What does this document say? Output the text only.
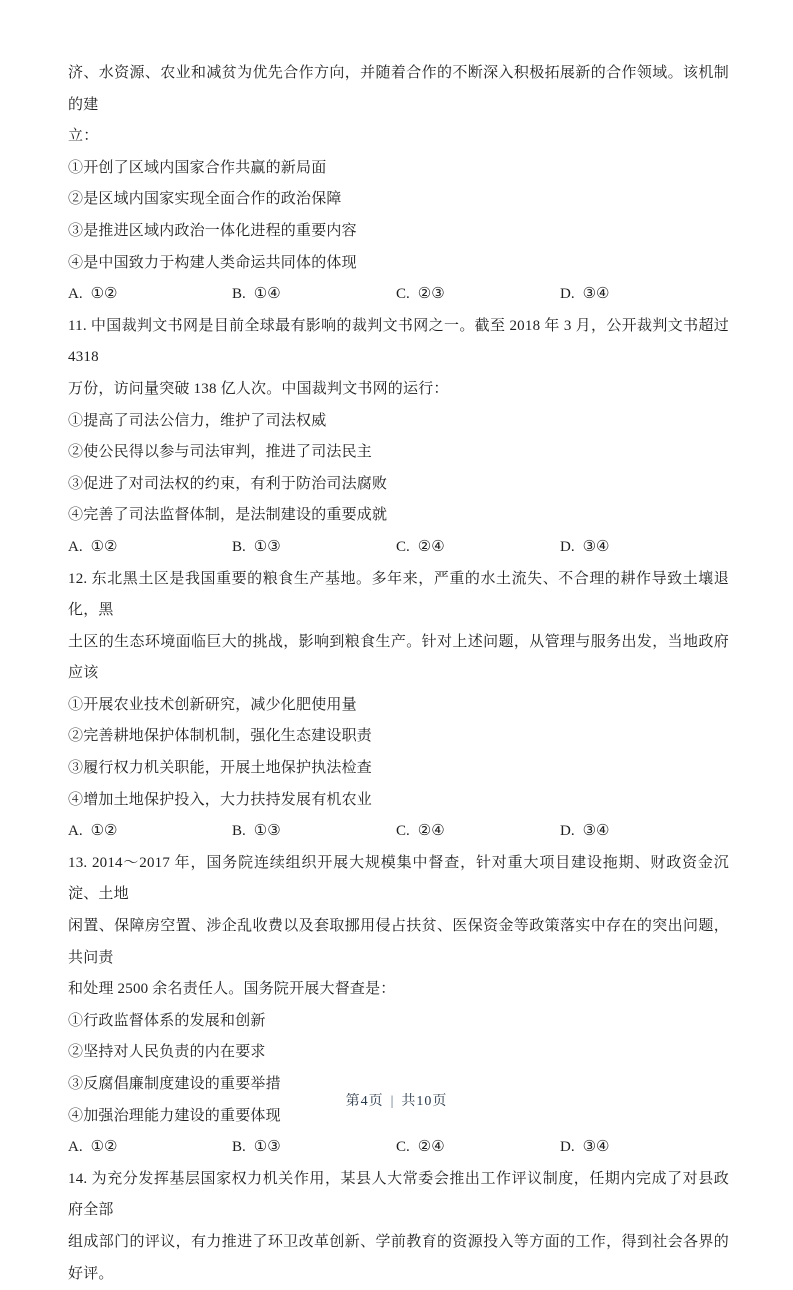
济、水资源、农业和减贫为优先合作方向，并随着合作的不断深入积极拓展新的合作领域。该机制的建
立：
①开创了区域内国家合作共赢的新局面
②是区域内国家实现全面合作的政治保障
③是推进区域内政治一体化进程的重要内容
④是中国致力于构建人类命运共同体的体现
A. ①②	B. ①④	C. ②③	D. ③④
11. 中国裁判文书网是目前全球最有影响的裁判文书网之一。截至 2018 年 3 月，公开裁判文书超过 4318
万份，访问量突破 138 亿人次。中国裁判文书网的运行：
①提高了司法公信力，维护了司法权威
②使公民得以参与司法审判，推进了司法民主
③促进了对司法权的约束，有利于防治司法腐败
④完善了司法监督体制，是法制建设的重要成就
A. ①②	B. ①③	C. ②④	D. ③④
12. 东北黑土区是我国重要的粮食生产基地。多年来，严重的水土流失、不合理的耕作导致土壤退化，黑
土区的生态环境面临巨大的挑战，影响到粮食生产。针对上述问题，从管理与服务出发，当地政府应该
①开展农业技术创新研究，减少化肥使用量
②完善耕地保护体制机制，强化生态建设职责
③履行权力机关职能，开展土地保护执法检查
④增加土地保护投入，大力扶持发展有机农业
A. ①②	B. ①③	C. ②④	D. ③④
13. 2014～2017 年，国务院连续组织开展大规模集中督查，针对重大项目建设拖期、财政资金沉淀、土地
闲置、保障房空置、涉企乱收费以及套取挪用侵占扶贫、医保资金等政策落实中存在的突出问题，共问责
和处理 2500 余名责任人。国务院开展大督查是：
①行政监督体系的发展和创新
②坚持对人民负责的内在要求
③反腐倡廉制度建设的重要举措
④加强治理能力建设的重要体现
A. ①②	B. ①③	C. ②④	D. ③④
14. 为充分发挥基层国家权力机关作用，某县人大常委会推出工作评议制度，任期内完成了对县政府全部
组成部门的评议，有力推进了环卫改革创新、学前教育的资源投入等方面的工作，得到社会各界的好评。
第4页 | 共10页
